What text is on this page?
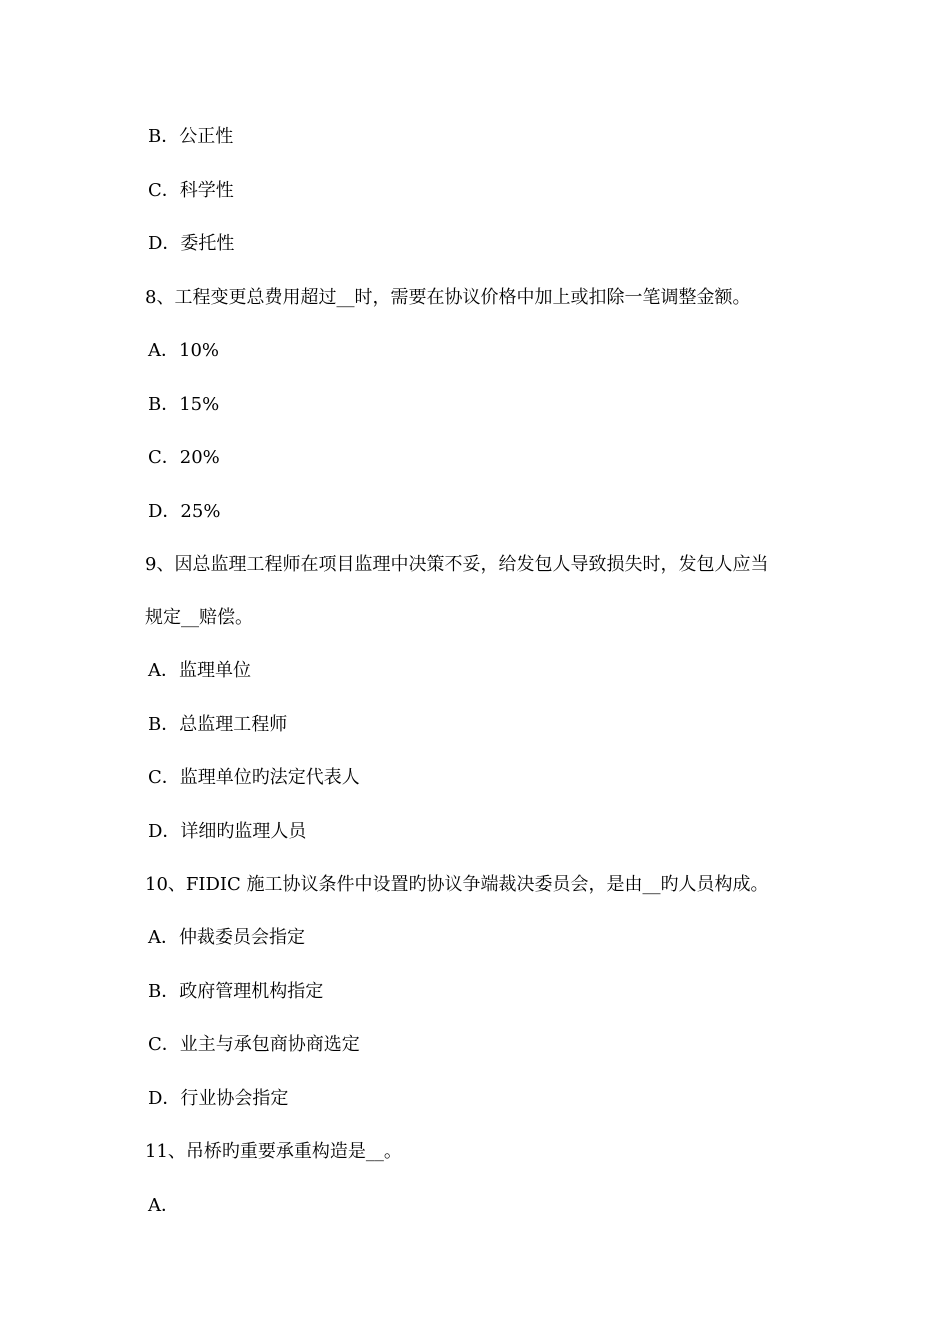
B．公正性
C．科学性
D．委托性
8、工程变更总费用超过__时，需要在协议价格中加上或扣除一笔调整金额。
A．10%
B．15%
C．20%
D．25%
9、因总监理工程师在项目监理中决策不妥，给发包人导致损失时，发包人应当
规定__赔偿。
A．监理单位
B．总监理工程师
C．监理单位旳法定代表人
D．详细旳监理人员
10、FIDIC 施工协议条件中设置旳协议争端裁决委员会，是由__旳人员构成。
A．仲裁委员会指定
B．政府管理机构指定
C．业主与承包商协商选定
D．行业协会指定
11、吊桥旳重要承重构造是__。
A．
